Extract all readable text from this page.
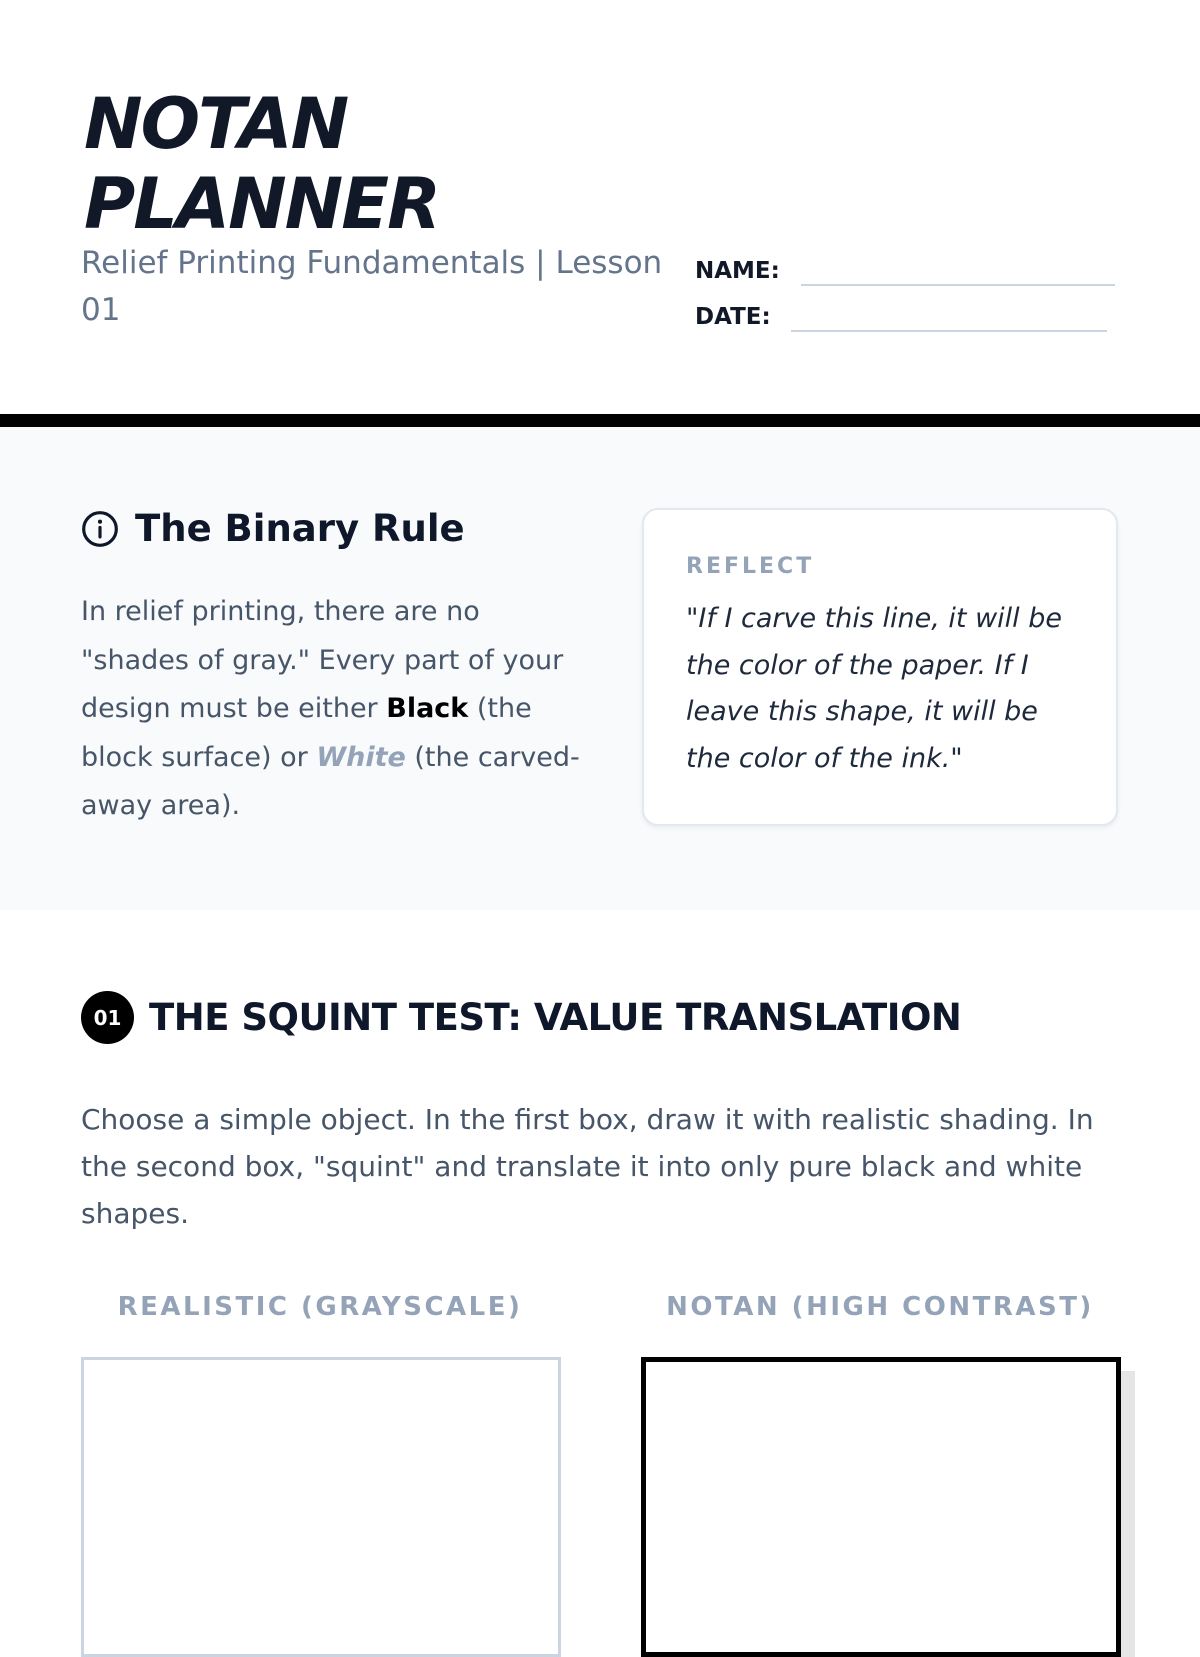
NOTAN
PLANNER

Relief Printing Fundamentals | Lesson 01

NAME:
DATE:
The Binary Rule

In relief printing, there are no "shades of gray." Every part of your design must be either Black (the block surface) or White (the carved-away area).

REFLECT

"If I carve this line, it will be the color of the paper. If I leave this shape, it will be the color of the ink."

01 THE SQUINT TEST: VALUE TRANSLATION

Choose a simple object. In the first box, draw it with realistic shading. In the second box, "squint" and translate it into only pure black and white shapes.

REALISTIC (GRAYSCALE)	NOTAN (HIGH CONTRAST)
